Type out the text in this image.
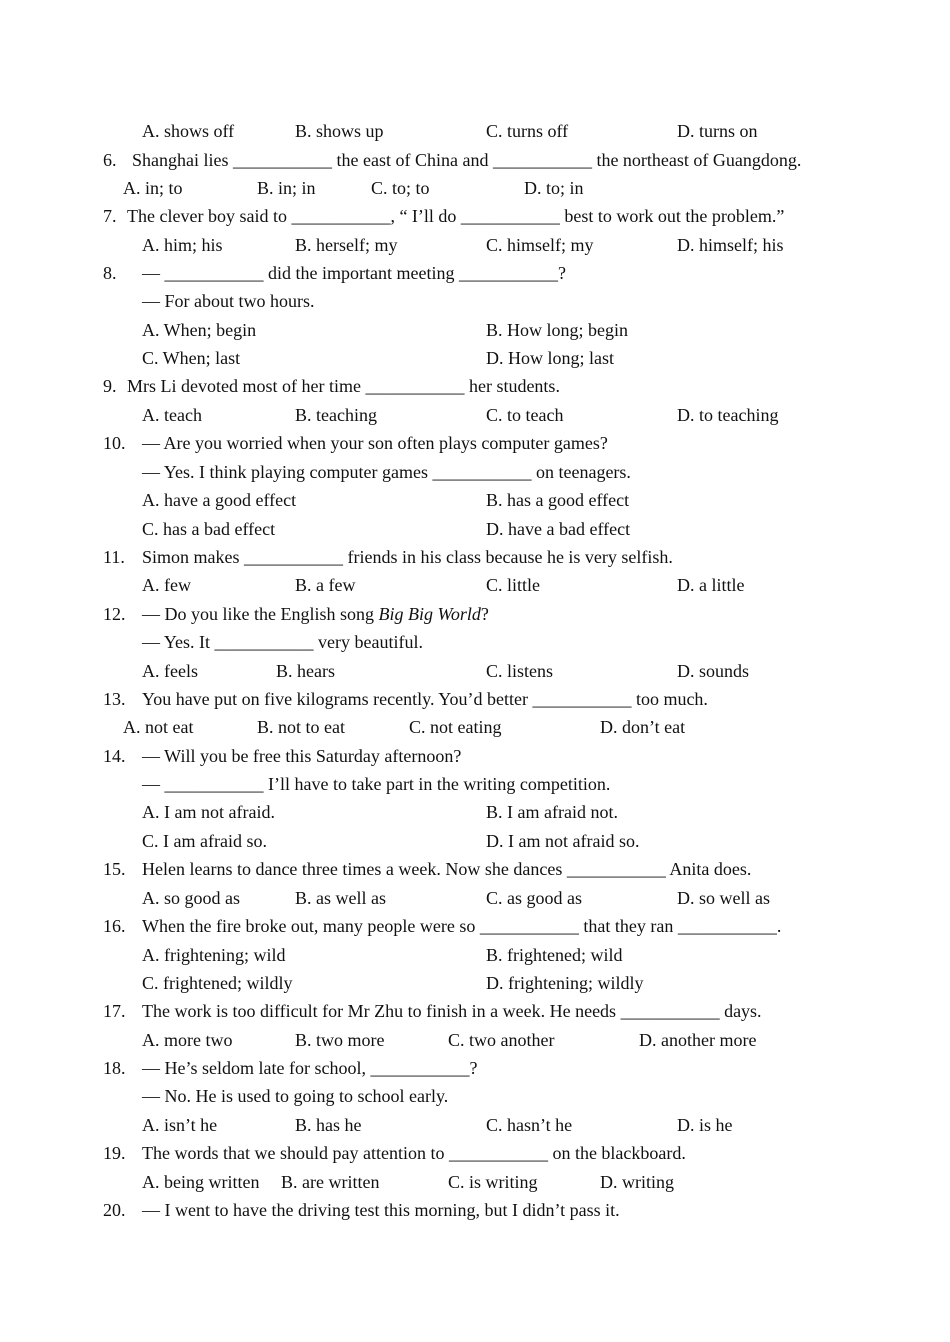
A. shows off	B. shows up	C. turns off	D. turns on
6. Shanghai lies ___________ the east of China and ___________ the northeast of Guangdong.
A. in; to	B. in; in	C. to; to	D. to; in
7. The clever boy said to ___________, “ I’ll do ___________ best to work out the problem.”
A. him; his	B. herself; my	C. himself; my	D. himself; his
8. — ___________ did the important meeting ___________?
— For about two hours.
A. When; begin	B. How long; begin
C. When; last	D. How long; last
9. Mrs Li devoted most of her time ___________ her students.
A. teach	B. teaching	C. to teach	D. to teaching
10. — Are you worried when your son often plays computer games?
— Yes. I think playing computer games ___________ on teenagers.
A. have a good effect	B. has a good effect
C. has a bad effect	D. have a bad effect
11. Simon makes ___________ friends in his class because he is very selfish.
A. few	B. a few	C. little	D. a little
12. — Do you like the English song Big Big World?
— Yes. It ___________ very beautiful.
A. feels	B. hears	C. listens	D. sounds
13. You have put on five kilograms recently. You’d better ___________ too much.
A. not eat	B. not to eat	C. not eating	D. don’t eat
14. — Will you be free this Saturday afternoon?
— ___________ I’ll have to take part in the writing competition.
A. I am not afraid.	B. I am afraid not.
C. I am afraid so.	D. I am not afraid so.
15. Helen learns to dance three times a week. Now she dances ___________ Anita does.
A. so good as	B. as well as	C. as good as	D. so well as
16. When the fire broke out, many people were so ___________ that they ran ___________.
A. frightening; wild	B. frightened; wild
C. frightened; wildly	D. frightening; wildly
17. The work is too difficult for Mr Zhu to finish in a week. He needs ___________ days.
A. more two	B. two more	C. two another	D. another more
18. — He’s seldom late for school, ___________?
— No. He is used to going to school early.
A. isn’t he	B. has he	C. hasn’t he	D. is he
19. The words that we should pay attention to ___________ on the blackboard.
A. being written B. are written	C. is writing	D. writing
20. — I went to have the driving test this morning, but I didn’t pass it.
